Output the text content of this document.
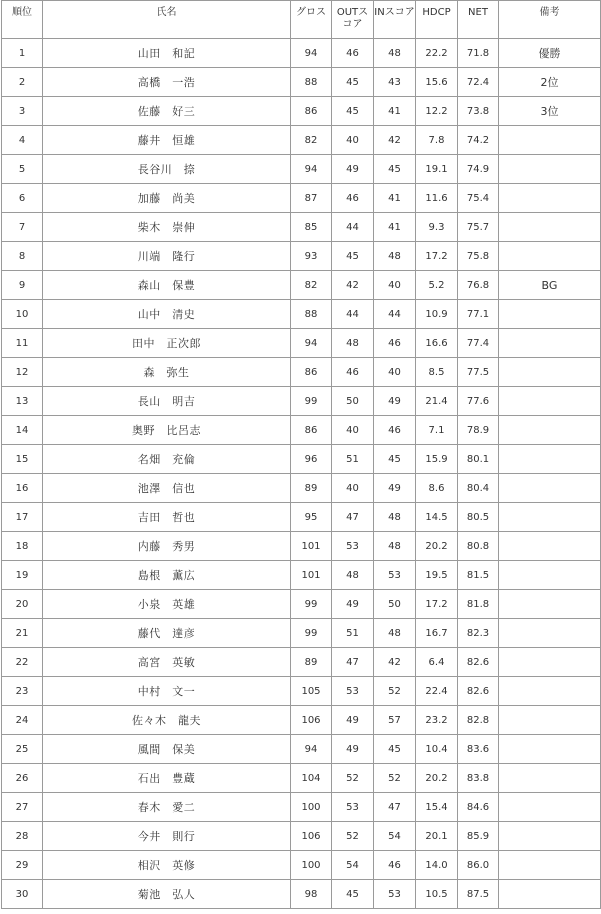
順位	氏名	グロス	OUTスコア	INスコア	HDCP	NET	備考
1	山田　和記	94	46	48	22.2	71.8	優勝
2	高橋　一浩	88	45	43	15.6	72.4	2位
3	佐藤　好三	86	45	41	12.2	73.8	3位
4	藤井　恒雄	82	40	42	7.8	74.2	
5	長谷川　捺	94	49	45	19.1	74.9	
6	加藤　尚美	87	46	41	11.6	75.4	
7	柴木　崇伸	85	44	41	9.3	75.7	
8	川端　隆行	93	45	48	17.2	75.8	
9	森山　保豊	82	42	40	5.2	76.8	BG
10	山中　清史	88	44	44	10.9	77.1	
11	田中　正次郎	94	48	46	16.6	77.4	
12	森　弥生	86	46	40	8.5	77.5	
13	長山　明吉	99	50	49	21.4	77.6	
14	奥野　比呂志	86	40	46	7.1	78.9	
15	名畑　充倫	96	51	45	15.9	80.1	
16	池澤　信也	89	40	49	8.6	80.4	
17	吉田　哲也	95	47	48	14.5	80.5	
18	内藤　秀男	101	53	48	20.2	80.8	
19	島根　薫広	101	48	53	19.5	81.5	
20	小泉　英雄	99	49	50	17.2	81.8	
21	藤代　達彦	99	51	48	16.7	82.3	
22	高宮　英敏	89	47	42	6.4	82.6	
23	中村　文一	105	53	52	22.4	82.6	
24	佐々木　龍夫	106	49	57	23.2	82.8	
25	風間　保美	94	49	45	10.4	83.6	
26	石出　豊蔵	104	52	52	20.2	83.8	
27	春木　愛二	100	53	47	15.4	84.6	
28	今井　則行	106	52	54	20.1	85.9	
29	相沢　英修	100	54	46	14.0	86.0	
30	菊池　弘人	98	45	53	10.5	87.5	
